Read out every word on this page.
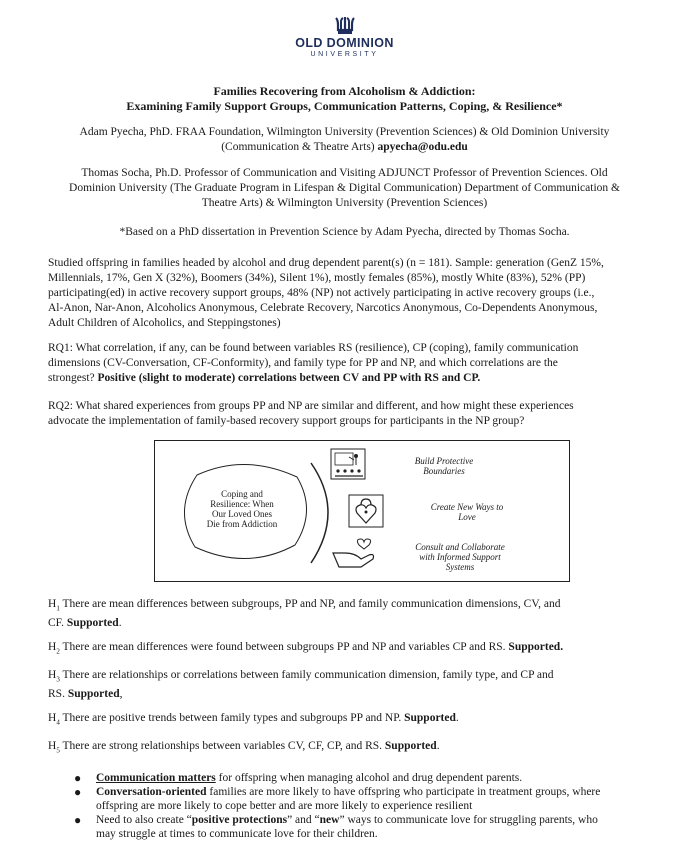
OLD DOMINION
UNIVERSITY
Families Recovering from Alcoholism & Addiction:
Examining Family Support Groups, Communication Patterns, Coping, & Resilience*
Adam Pyecha, PhD. FRAA Foundation, Wilmington University (Prevention Sciences) & Old Dominion University
(Communication & Theatre Arts) apyecha@odu.edu
Thomas Socha, Ph.D. Professor of Communication and Visiting ADJUNCT Professor of Prevention Sciences. Old
Dominion University (The Graduate Program in Lifespan & Digital Communication) Department of Communication &
Theatre Arts) & Wilmington University (Prevention Sciences)
*Based on a PhD dissertation in Prevention Science by Adam Pyecha, directed by Thomas Socha.
Studied offspring in families headed by alcohol and drug dependent parent(s) (n = 181). Sample: generation (GenZ 15%,
Millennials, 17%, Gen X (32%), Boomers (34%), Silent 1%), mostly females (85%), mostly White (83%), 52% (PP)
participating(ed) in active recovery support groups, 48% (NP) not actively participating in active recovery groups (i.e.,
Al-Anon, Nar-Anon, Alcoholics Anonymous, Celebrate Recovery, Narcotics Anonymous, Co-Dependents Anonymous,
Adult Children of Alcoholics, and Steppingstones)
RQ1: What correlation, if any, can be found between variables RS (resilience), CP (coping), family communication
dimensions (CV-Conversation, CF-Conformity), and family type for PP and NP, and which correlations are the
strongest? Positive (slight to moderate) correlations between CV and PP with RS and CP.
RQ2: What shared experiences from groups PP and NP are similar and different, and how might these experiences
advocate the implementation of family-based recovery support groups for participants in the NP group?
Coping and
Resilience: When
Our Loved Ones
Die from Addiction
Build Protective
Boundaries
Create New Ways to
Love
Consult and Collaborate
with Informed Support
Systems
$H_1$ There are mean differences between subgroups, PP and NP, and family communication dimensions, CV, and
CF. Supported.
$H_2$ There are mean differences were found between subgroups PP and NP and variables CP and RS. Supported.
$H_3$ There are relationships or correlations between family communication dimension, family type, and CP and
RS. Supported,
$H_4$ There are positive trends between family types and subgroups PP and NP. Supported.
$H_5$ There are strong relationships between variables CV, CF, CP, and RS. Supported.
● Communication matters for offspring when managing alcohol and drug dependent parents.
● Conversation-oriented families are more likely to have offspring who participate in treatment groups, where
offspring are more likely to cope better and are more likely to experience resilient
● Need to also create “positive protections” and “new” ways to communicate love for struggling parents, who
may struggle at times to communicate love for their children.
